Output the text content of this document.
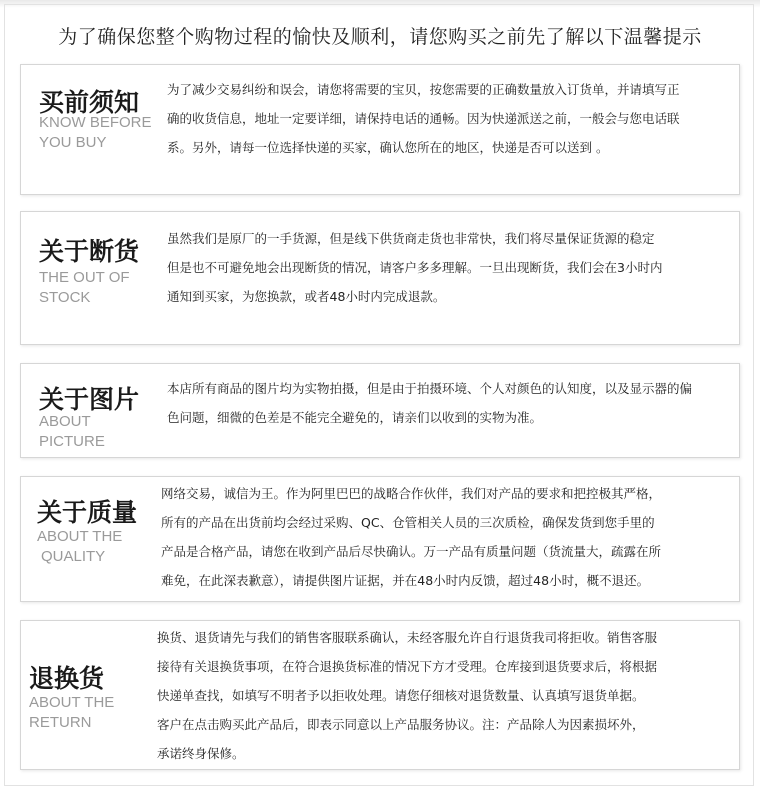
为了确保您整个购物过程的愉快及顺利，请您购买之前先了解以下温馨提示
买前须知
KNOW BEFORE
YOU BUY

为了减少交易纠纷和误会，请您将需要的宝贝，按您需要的正确数量放入订货单，并请填写正

确的收货信息，地址一定要详细，请保持电话的通畅。因为快递派送之前，一般会与您电话联

系。另外，请每一位选择快递的买家，确认您所在的地区，快递是否可以送到 。

关于断货
THE OUT OF
STOCK

虽然我们是原厂的一手货源，但是线下供货商走货也非常快，我们将尽量保证货源的稳定

但是也不可避免地会出现断货的情况，请客户多多理解。一旦出现断货，我们会在3小时内

通知到买家，为您换款，或者48小时内完成退款。

关于图片
ABOUT
PICTURE

本店所有商品的图片均为实物拍摄，但是由于拍摄环境、个人对颜色的认知度，以及显示器的偏

色问题，细微的色差是不能完全避免的，请亲们以收到的实物为准。

关于质量
ABOUT THE
QUALITY

网络交易，诚信为王。作为阿里巴巴的战略合作伙伴，我们对产品的要求和把控极其严格，

所有的产品在出货前均会经过采购、QC、仓管相关人员的三次质检，确保发货到您手里的

产品是合格产品，请您在收到产品后尽快确认。万一产品有质量问题（货流量大，疏露在所

难免，在此深表歉意），请提供图片证据，并在48小时内反馈，超过48小时，概不退还。

退换货
ABOUT THE
RETURN

换货、退货请先与我们的销售客服联系确认，未经客服允许自行退货我司将拒收。销售客服

接待有关退换货事项，在符合退换货标准的情况下方才受理。仓库接到退货要求后，将根据

快递单查找，如填写不明者予以拒收处理。请您仔细核对退货数量、认真填写退货单据。

客户在点击购买此产品后，即表示同意以上产品服务协议。注：产品除人为因素损坏外，

承诺终身保修。
